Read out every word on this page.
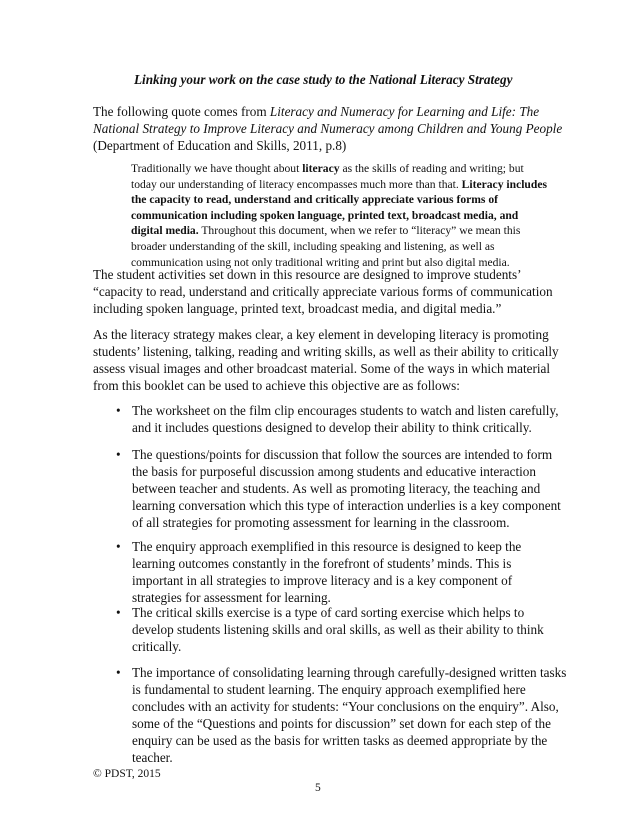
Linking your work on the case study to the National Literacy Strategy
The following quote comes from Literacy and Numeracy for Learning and Life: The
National Strategy to Improve Literacy and Numeracy among Children and Young People
(Department of Education and Skills, 2011, p.8)
Traditionally we have thought about literacy as the skills of reading and writing; but
today our understanding of literacy encompasses much more than that. Literacy includes
the capacity to read, understand and critically appreciate various forms of
communication including spoken language, printed text, broadcast media, and
digital media. Throughout this document, when we refer to “literacy” we mean this
broader understanding of the skill, including speaking and listening, as well as
communication using not only traditional writing and print but also digital media.
The student activities set down in this resource are designed to improve students’
“capacity to read, understand and critically appreciate various forms of communication
including spoken language, printed text, broadcast media, and digital media.”
As the literacy strategy makes clear, a key element in developing literacy is promoting
students’ listening, talking, reading and writing skills, as well as their ability to critically
assess visual images and other broadcast material. Some of the ways in which material
from this booklet can be used to achieve this objective are as follows:
• The worksheet on the film clip encourages students to watch and listen carefully,
and it includes questions designed to develop their ability to think critically.
• The questions/points for discussion that follow the sources are intended to form
the basis for purposeful discussion among students and educative interaction
between teacher and students. As well as promoting literacy, the teaching and
learning conversation which this type of interaction underlies is a key component
of all strategies for promoting assessment for learning in the classroom.
• The enquiry approach exemplified in this resource is designed to keep the
learning outcomes constantly in the forefront of students’ minds. This is
important in all strategies to improve literacy and is a key component of
strategies for assessment for learning.
• The critical skills exercise is a type of card sorting exercise which helps to
develop students listening skills and oral skills, as well as their ability to think
critically.
• The importance of consolidating learning through carefully-designed written tasks
is fundamental to student learning. The enquiry approach exemplified here
concludes with an activity for students: “Your conclusions on the enquiry”. Also,
some of the “Questions and points for discussion” set down for each step of the
enquiry can be used as the basis for written tasks as deemed appropriate by the
teacher.
© PDST, 2015
5
